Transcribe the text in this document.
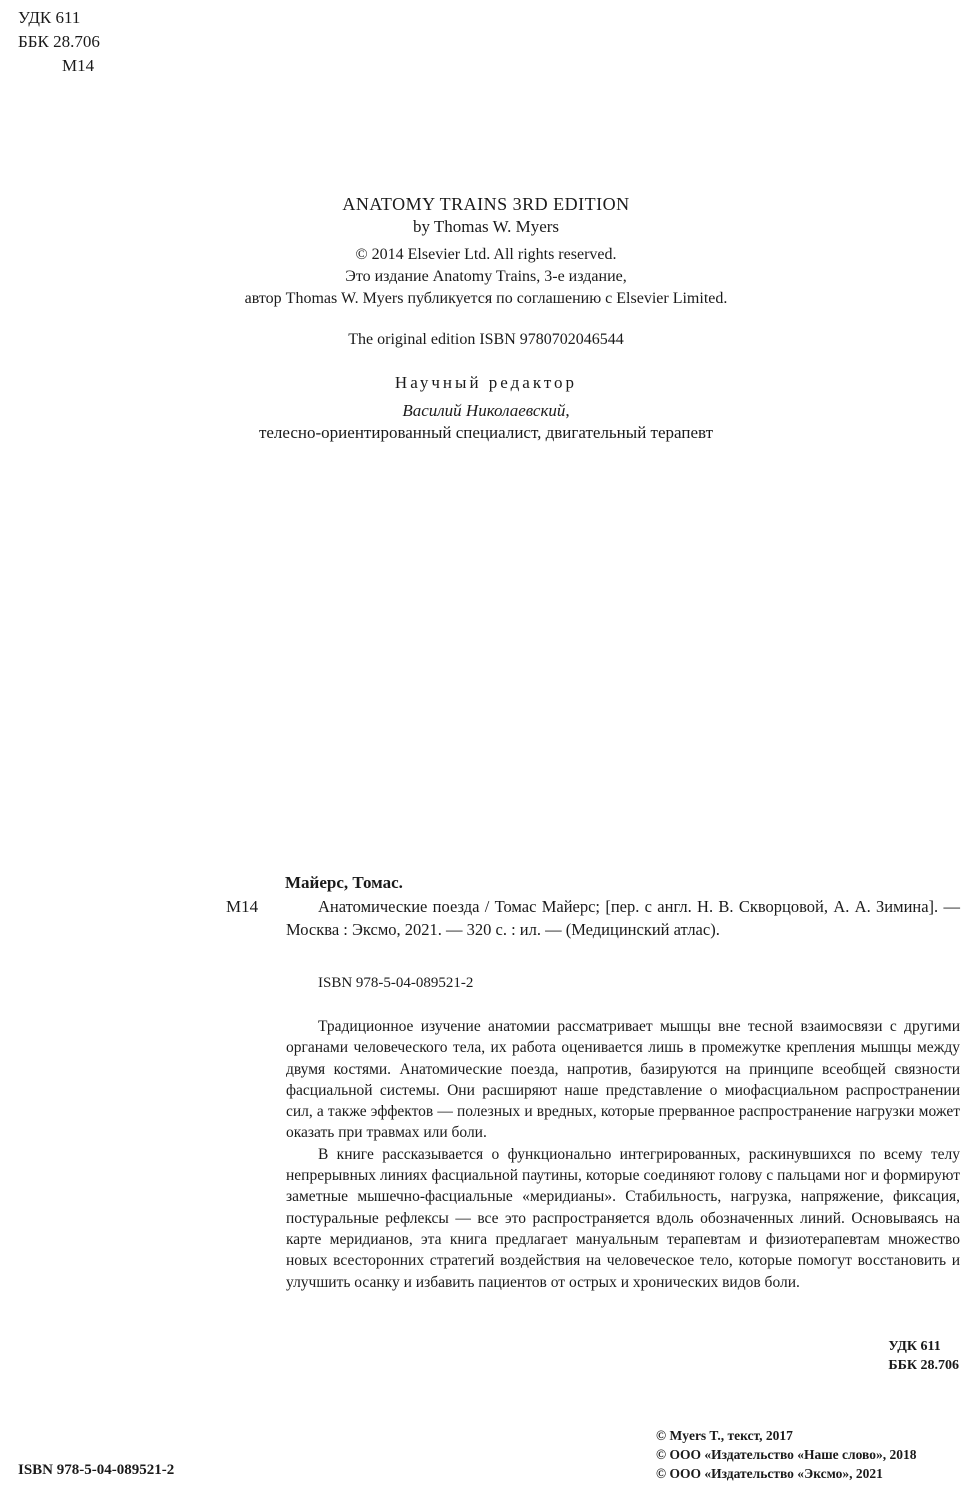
УДК 611
ББК 28.706
М14
ANATOMY TRAINS 3RD EDITION
by Thomas W. Myers
© 2014 Elsevier Ltd. All rights reserved.
Это издание Anatomy Trains, 3-е издание,
автор Thomas W. Myers публикуется по соглашению с Elsevier Limited.
The original edition ISBN 9780702046544
Научный редактор
Василий Николаевский,
телесно-ориентированный специалист, двигательный терапевт
Майерс, Томас.
М14	Анатомические поезда / Томас Майерс; [пер. с англ. Н. В. Скворцовой, А. А. Зимина]. — Москва : Эксмо, 2021. — 320 с. : ил. — (Медицинский атлас).
ISBN 978-5-04-089521-2

Традиционное изучение анатомии рассматривает мышцы вне тесной взаимосвязи с другими органами человеческого тела, их работа оценивается лишь в промежутке крепления мышцы между двумя костями. Анатомические поезда, напротив, базируются на принципе всеобщей связности фасциальной системы. Они расширяют наше представление о миофасциальном распространении сил, а также эффектов — полезных и вредных, которые прерванное распространение нагрузки может оказать при травмах или боли.

В книге рассказывается о функционально интегрированных, раскинувшихся по всему телу непрерывных линиях фасциальной паутины, которые соединяют голову с пальцами ног и формируют заметные мышечно-фасциальные «меридианы». Стабильность, нагрузка, напряжение, фиксация, постуральные рефлексы — все это распространяется вдоль обозначенных линий. Основываясь на карте меридианов, эта книга предлагает мануальным терапевтам и физиотерапевтам множество новых всесторонних стратегий воздействия на человеческое тело, которые помогут восстановить и улучшить осанку и избавить пациентов от острых и хронических видов боли.

УДК 611
ББК 28.706
ISBN 978-5-04-089521-2
© Myers T., текст, 2017
© ООО «Издательство «Наше слово», 2018
© ООО «Издательство «Эксмо», 2021
